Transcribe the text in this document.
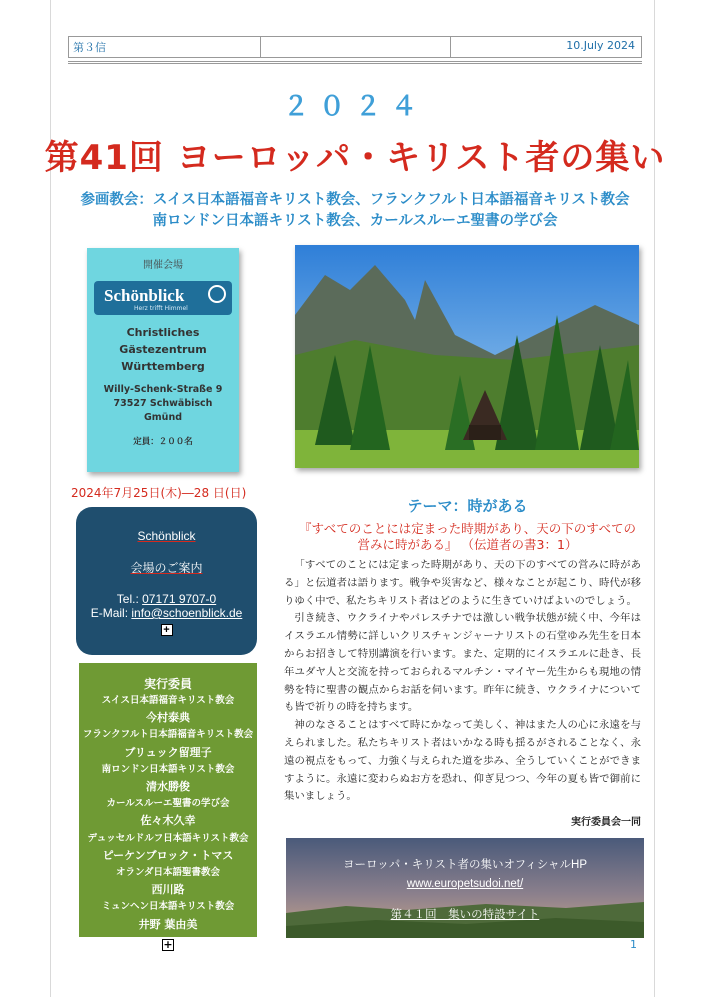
第３信	10.July 2024
２０２４
第41回 ヨーロッパ・キリスト者の集い
参画教会：スイス日本語福音キリスト教会、フランクフルト日本語福音キリスト教会
南ロンドン日本語キリスト教会、カールスルーエ聖書の学び会
開催会場
Schönblick
Herz trifft Himmel
Christliches
Gästezentrum
Württemberg
Willy-Schenk-Straße 9
73527 Schwäbisch
Gmünd
定員：２００名
2024年7月25日(木)―28 日(日)
Schönblick
会場のご案内
Tel.: 07171 9707-0
E-Mail: info@schoenblick.de
+
実行委員
スイス日本語福音キリスト教会
今村泰典
フランクフルト日本語福音キリスト教会
ブリュック留理子
南ロンドン日本語キリスト教会
清水勝俊
カールスルーエ聖書の学び会
佐々木久幸
デュッセルドルフ日本語キリスト教会
ピーケンブロック・トマス
オランダ日本語聖書教会
西川路
ミュンヘン日本語キリスト教会
井野 葉由美
+
テーマ：時がある
『すべてのことには定まった時期があり、天の下のすべての
営みに時がある』 （伝道者の書3：1）

「すべてのことには定まった時期があり、天の下のすべての営みに時がある」と伝道者は語ります。戦争や災害など、様々なことが起こり、時代が移りゆく中で、私たちキリスト者はどのように生きていけばよいのでしょう。

引き続き、ウクライナやパレスチナでは激しい戦争状態が続く中、今年はイスラエル情勢に詳しいクリスチャンジャーナリストの石堂ゆみ先生を日本からお招きして特別講演を行います。また、定期的にイスラエルに赴き、長年ユダヤ人と交流を持っておられるマルチン・マイヤー先生からも現地の情勢を特に聖書の観点からお話を伺います。昨年に続き、ウクライナについても皆で祈りの時を持ちます。

神のなさることはすべて時にかなって美しく、神はまた人の心に永遠を与えられました。私たちキリスト者はいかなる時も揺るがされることなく、永遠の視点をもって、力強く与えられた道を歩み、全うしていくことができますように。永遠に変わらぬお方を恐れ、仰ぎ見つつ、今年の夏も皆で御前に集いましょう。

実行委員会一同
ヨーロッパ・キリスト者の集いオフィシャルHP
www.europetsudoi.net/
第４１回　集いの特設サイト
1
